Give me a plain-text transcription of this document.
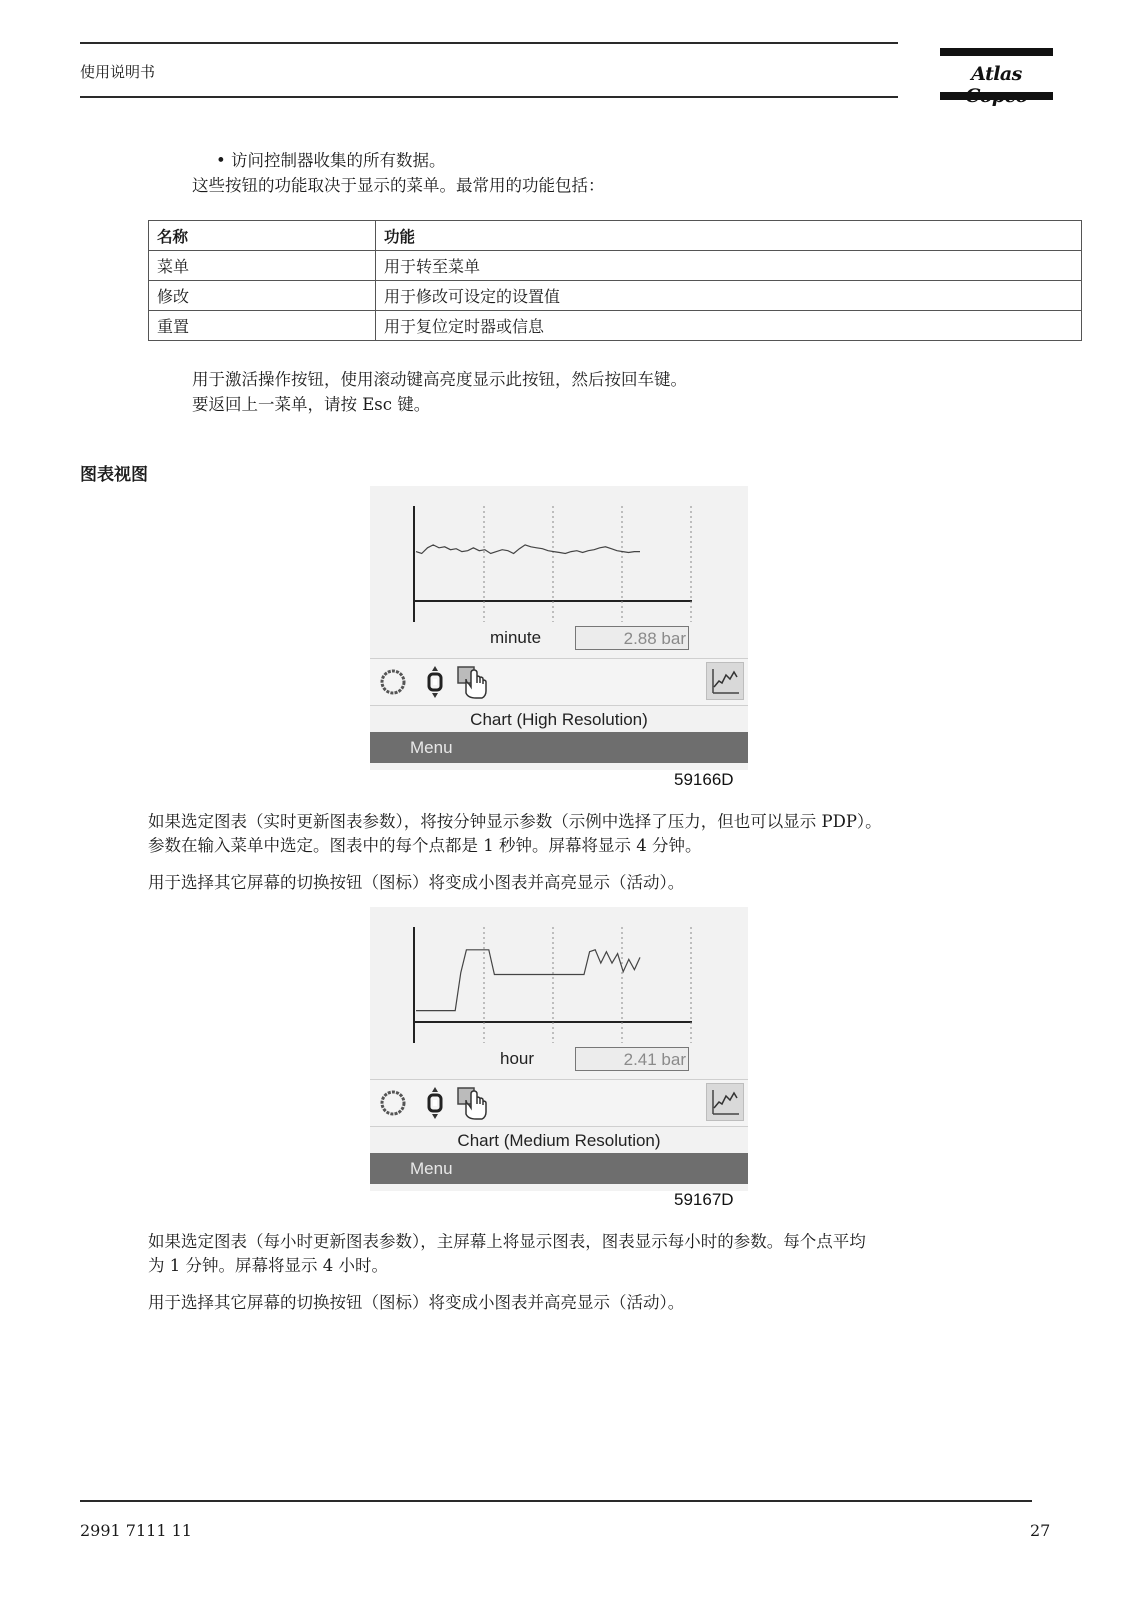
使用说明书	Atlas
• 访问控制器收集的所有数据。
这些按钮的功能取决于显示的菜单。最常用的功能包括：
名称	功能
菜单	用于转至菜单
修改	用于修改可设定的设置值
重置	用于复位定时器或信息
用于激活操作按钮，使用滚动键高亮度显示此按钮，然后按回车键。
要返回上一菜单，请按 Esc 键。
图表视图
minute	2.88 bar
Chart (High Resolution)
Menu
59166D
如果选定图表（实时更新图表参数），将按分钟显示参数（示例中选择了压力，但也可以显示 PDP）。
参数在输入菜单中选定。图表中的每个点都是 1 秒钟。屏幕将显示 4 分钟。
用于选择其它屏幕的切换按钮（图标）将变成小图表并高亮显示（活动）。
hour	2.41 bar
Chart (Medium Resolution)
Menu
59167D
如果选定图表（每小时更新图表参数），主屏幕上将显示图表，图表显示每小时的参数。每个点平均
为 1 分钟。屏幕将显示 4 小时。
用于选择其它屏幕的切换按钮（图标）将变成小图表并高亮显示（活动）。
2991 7111 11	27
